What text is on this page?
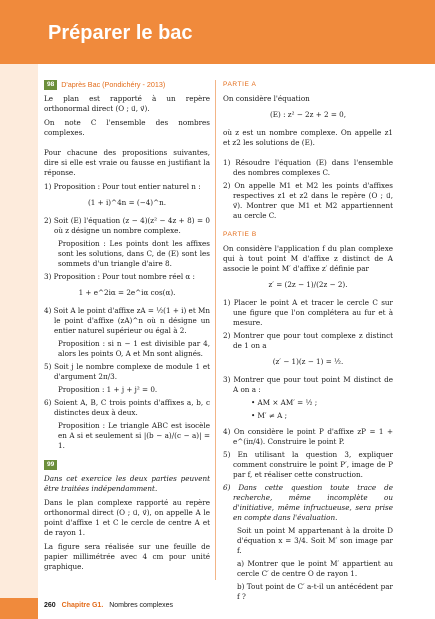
Préparer le bac
98 D'après Bac (Pondichéry - 2013)

Le plan est rapporté à un repère orthonormal direct (O ; u⃗, v⃗).

On note C l'ensemble des nombres complexes.

Pour chacune des propositions suivantes, dire si elle est vraie ou fausse en justifiant la réponse.

1) Proposition : Pour tout entier naturel n :
(1 + i)^4n = (−4)^n.
2) Soit (E) l'équation (z − 4)(z² − 4z + 8) = 0 où z désigne un nombre complexe.
Proposition : Les points dont les affixes sont les solutions, dans C, de (E) sont les sommets d'un triangle d'aire 8.
3) Proposition : Pour tout nombre réel α :
1 + e^2iα = 2e^iα cos(α).
4) Soit A le point d'affixe zA = ½(1 + i) et Mn le point d'affixe (zA)^n où n désigne un entier naturel supérieur ou égal à 2.
Proposition : si n − 1 est divisible par 4, alors les points O, A et Mn sont alignés.
5) Soit j le nombre complexe de module 1 et d'argument 2π/3.
Proposition : 1 + j + j² = 0.
6) Soient A, B, C trois points d'affixes a, b, c distinctes deux à deux.
Proposition : Le triangle ABC est isocèle en A si et seulement si |(b − a)/(c − a)| = 1.
99

Dans cet exercice les deux parties peuvent être traitées indépendamment.

Dans le plan complexe rapporté au repère orthonormal direct (O ; u⃗, v⃗), on appelle A le point d'affixe 1 et C le cercle de centre A et de rayon 1.

La figure sera réalisée sur une feuille de papier millimétrée avec 4 cm pour unité graphique.

PARTIE A

On considère l'équation

(E) : z² − 2z + 2 = 0,

où z est un nombre complexe. On appelle z1 et z2 les solutions de (E).

1) Résoudre l'équation (E) dans l'ensemble des nombres complexes C.
2) On appelle M1 et M2 les points d'affixes respectives z1 et z2 dans le repère (O ; u⃗, v⃗). Montrer que M1 et M2 appartiennent au cercle C.
PARTIE B

On considère l'application f du plan complexe qui à tout point M d'affixe z distinct de A associe le point M′ d'affixe z′ définie par

z′ = (2z − 1)/(2z − 2).
1) Placer le point A et tracer le cercle C sur une figure que l'on complétera au fur et à mesure.
2) Montrer que pour tout complexe z distinct de 1 on a
(z′ − 1)(z − 1) = ½.
3) Montrer que pour tout point M distinct de A on a :
• AM × AM′ = ½ ;
• M′ ≠ A ;
4) On considère le point P d'affixe zP = 1 + e^(iπ/4). Construire le point P.
5) En utilisant la question 3, expliquer comment construire le point P′, image de P par f, et réaliser cette construction.
6) Dans cette question toute trace de recherche, même incomplète ou d'initiative, même infructueuse, sera prise en compte dans l'évaluation.
Soit un point M appartenant à la droite D d'équation x = 3/4. Soit M′ son image par f.
a) Montrer que le point M′ appartient au cercle C′ de centre O de rayon 1.
b) Tout point de C′ a-t-il un antécédent par f ?
260 Chapitre G1. Nombres complexes
